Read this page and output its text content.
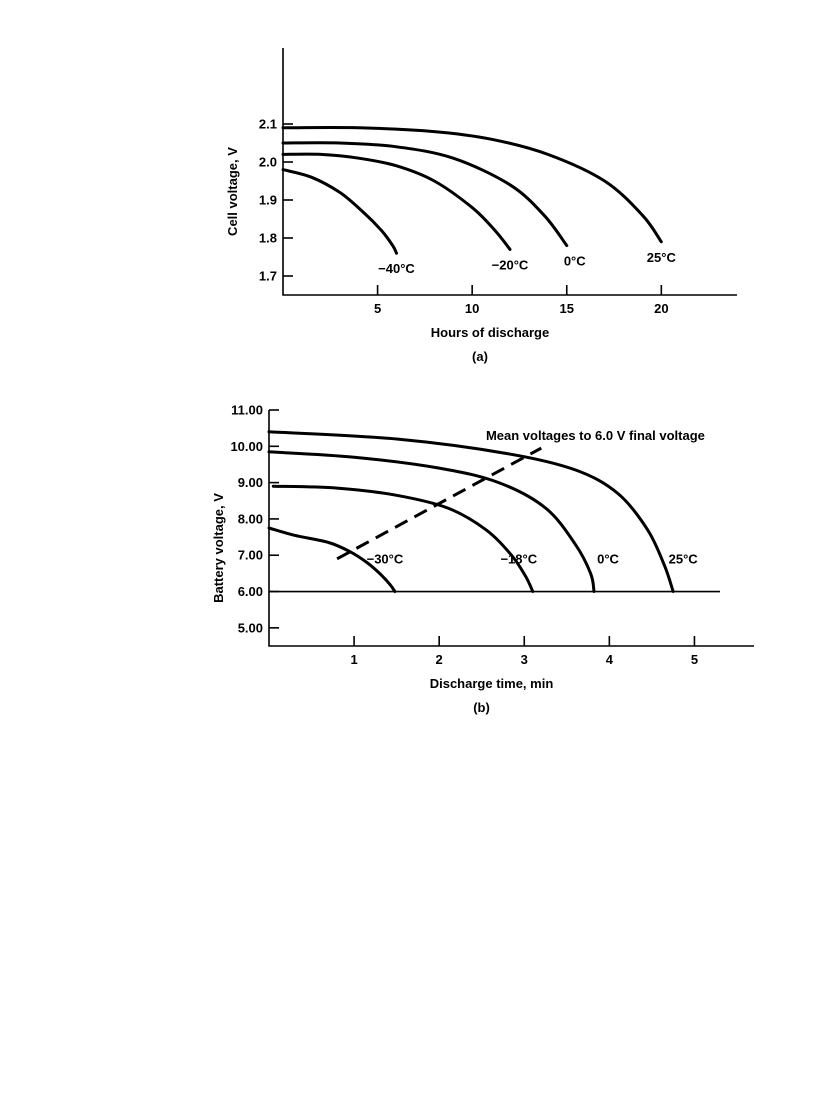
1.7
1.8
1.9
2.0
2.1
5	10	15	20
−40°C	−20°C	0°C	25°C
Hours of discharge
Cell voltage, V
(a)
5.00
6.00
7.00
8.00
9.00
10.00
11.00
1	2	3	4	5
−30°C	−18°C	0°C	25°C
Mean voltages to 6.0 V final voltage
Discharge time, min
Battery voltage, V
(b)
